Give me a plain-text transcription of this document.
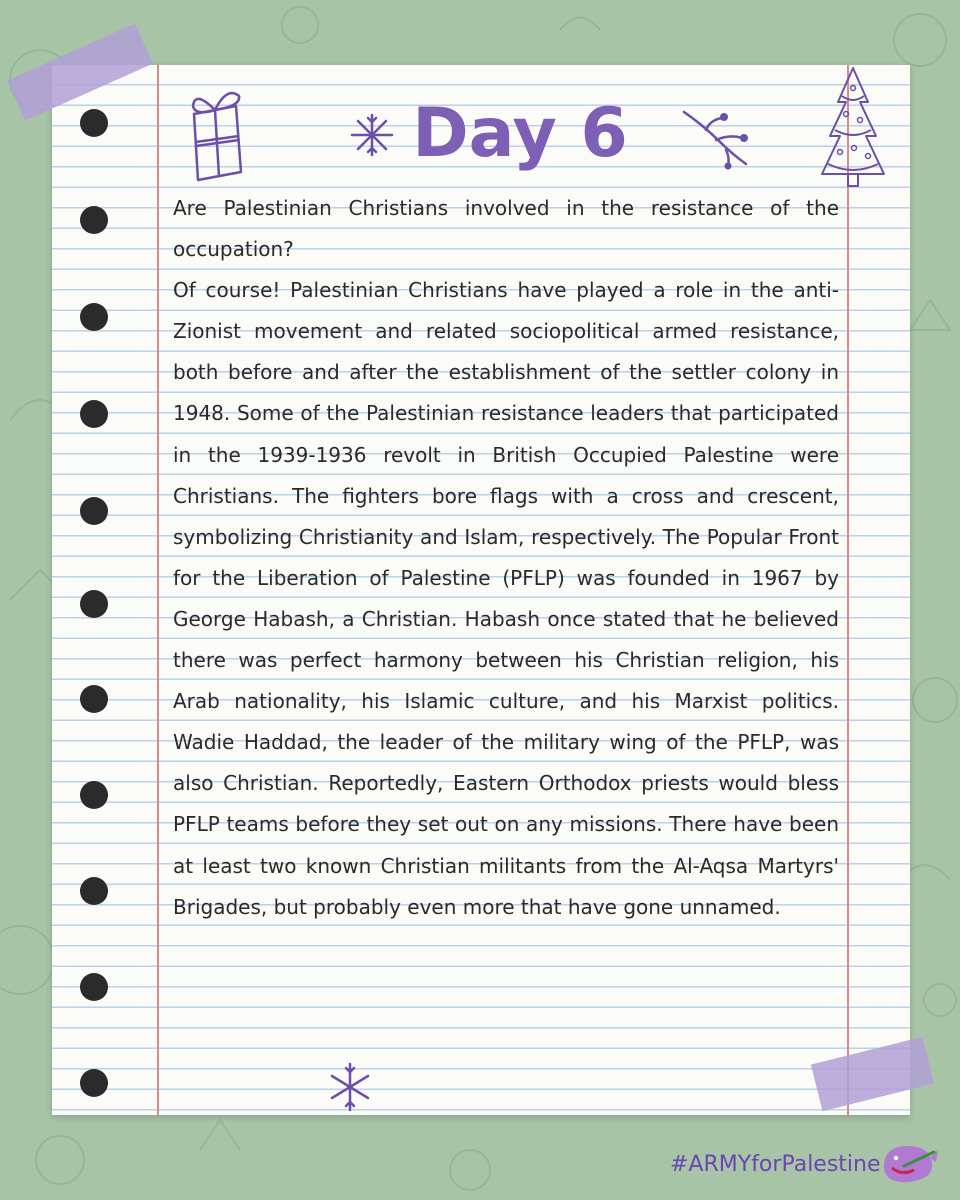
Day 6

Are Palestinian Christians involved in the resistance of the occupation?

Of course! Palestinian Christians have played a role in the anti-Zionist movement and related sociopolitical armed resistance, both before and after the establishment of the settler colony in 1948. Some of the Palestinian resistance leaders that participated in the 1939-1936 revolt in British Occupied Palestine were Christians. The fighters bore flags with a cross and crescent, symbolizing Christianity and Islam, respectively. The Popular Front for the Liberation of Palestine (PFLP) was founded in 1967 by George Habash, a Christian. Habash once stated that he believed there was perfect harmony between his Christian religion, his Arab nationality, his Islamic culture, and his Marxist politics. Wadie Haddad, the leader of the military wing of the PFLP, was also Christian. Reportedly, Eastern Orthodox priests would bless PFLP teams before they set out on any missions. There have been at least two known Christian militants from the Al-Aqsa Martyrs' Brigades, but probably even more that have gone unnamed.

#ARMYforPalestine
